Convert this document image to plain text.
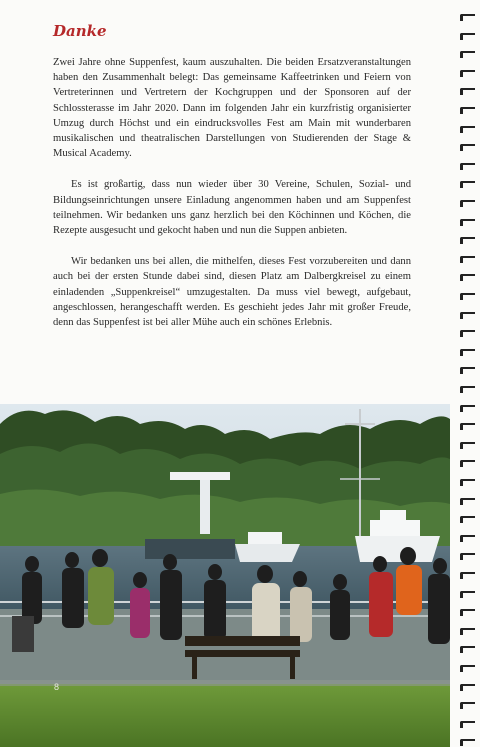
Danke

Zwei Jahre ohne Suppenfest, kaum auszuhalten. Die beiden Ersatzveranstaltungen haben den Zusammenhalt belegt: Das gemeinsame Kaffeetrinken und Feiern von Vertreterinnen und Vertretern der Kochgruppen und der Sponsoren auf der Schlossterasse im Jahr 2020. Dann im folgenden Jahr ein kurzfristig organisierter Umzug durch Höchst und ein eindrucksvolles Fest am Main mit wunderbaren musikalischen und theatralischen Darstellungen von Studierenden der Stage & Musical Academy.

Es ist großartig, dass nun wieder über 30 Vereine, Schulen, Sozial- und Bildungseinrichtungen unsere Einladung angenommen haben und am Suppenfest teilnehmen. Wir bedanken uns ganz herzlich bei den Köchinnen und Köchen, die Rezepte ausgesucht und gekocht haben und nun die Suppen anbieten.

Wir bedanken uns bei allen, die mithelfen, dieses Fest vorzubereiten und dann auch bei der ersten Stunde dabei sind, diesen Platz am Dalbergkreisel zu einem einladenden „Suppenkreisel“ umzugestalten. Da muss viel bewegt, aufgebaut, angeschlossen, herangeschafft werden. Es geschieht jedes Jahr mit großer Freude, denn das Suppenfest ist bei aller Mühe auch ein schönes Erlebnis.

8
